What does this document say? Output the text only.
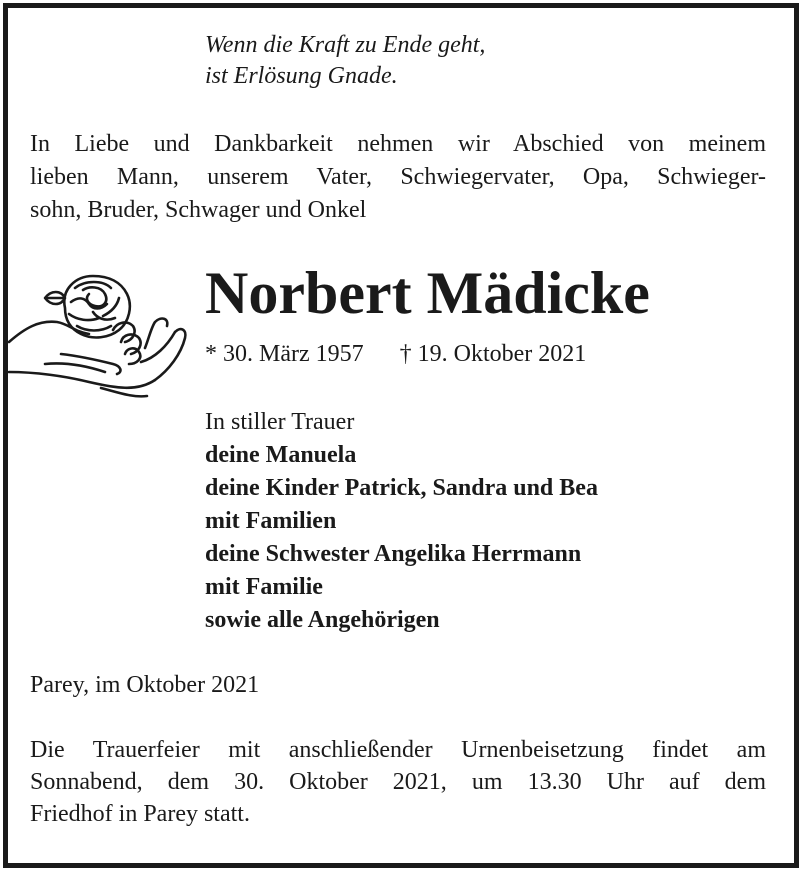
Wenn die Kraft zu Ende geht,
ist Erlösung Gnade.
In Liebe und Dankbarkeit nehmen wir Abschied von meinem
lieben Mann, unserem Vater, Schwiegervater, Opa, Schwieger-
sohn, Bruder, Schwager und Onkel
Norbert Mädicke
* 30. März 1957 † 19. Oktober 2021
In stiller Trauer
deine Manuela
deine Kinder Patrick, Sandra und Bea
mit Familien
deine Schwester Angelika Herrmann
mit Familie
sowie alle Angehörigen
Parey, im Oktober 2021
Die Trauerfeier mit anschließender Urnenbeisetzung findet am
Sonnabend, dem 30. Oktober 2021, um 13.30 Uhr auf dem
Friedhof in Parey statt.
